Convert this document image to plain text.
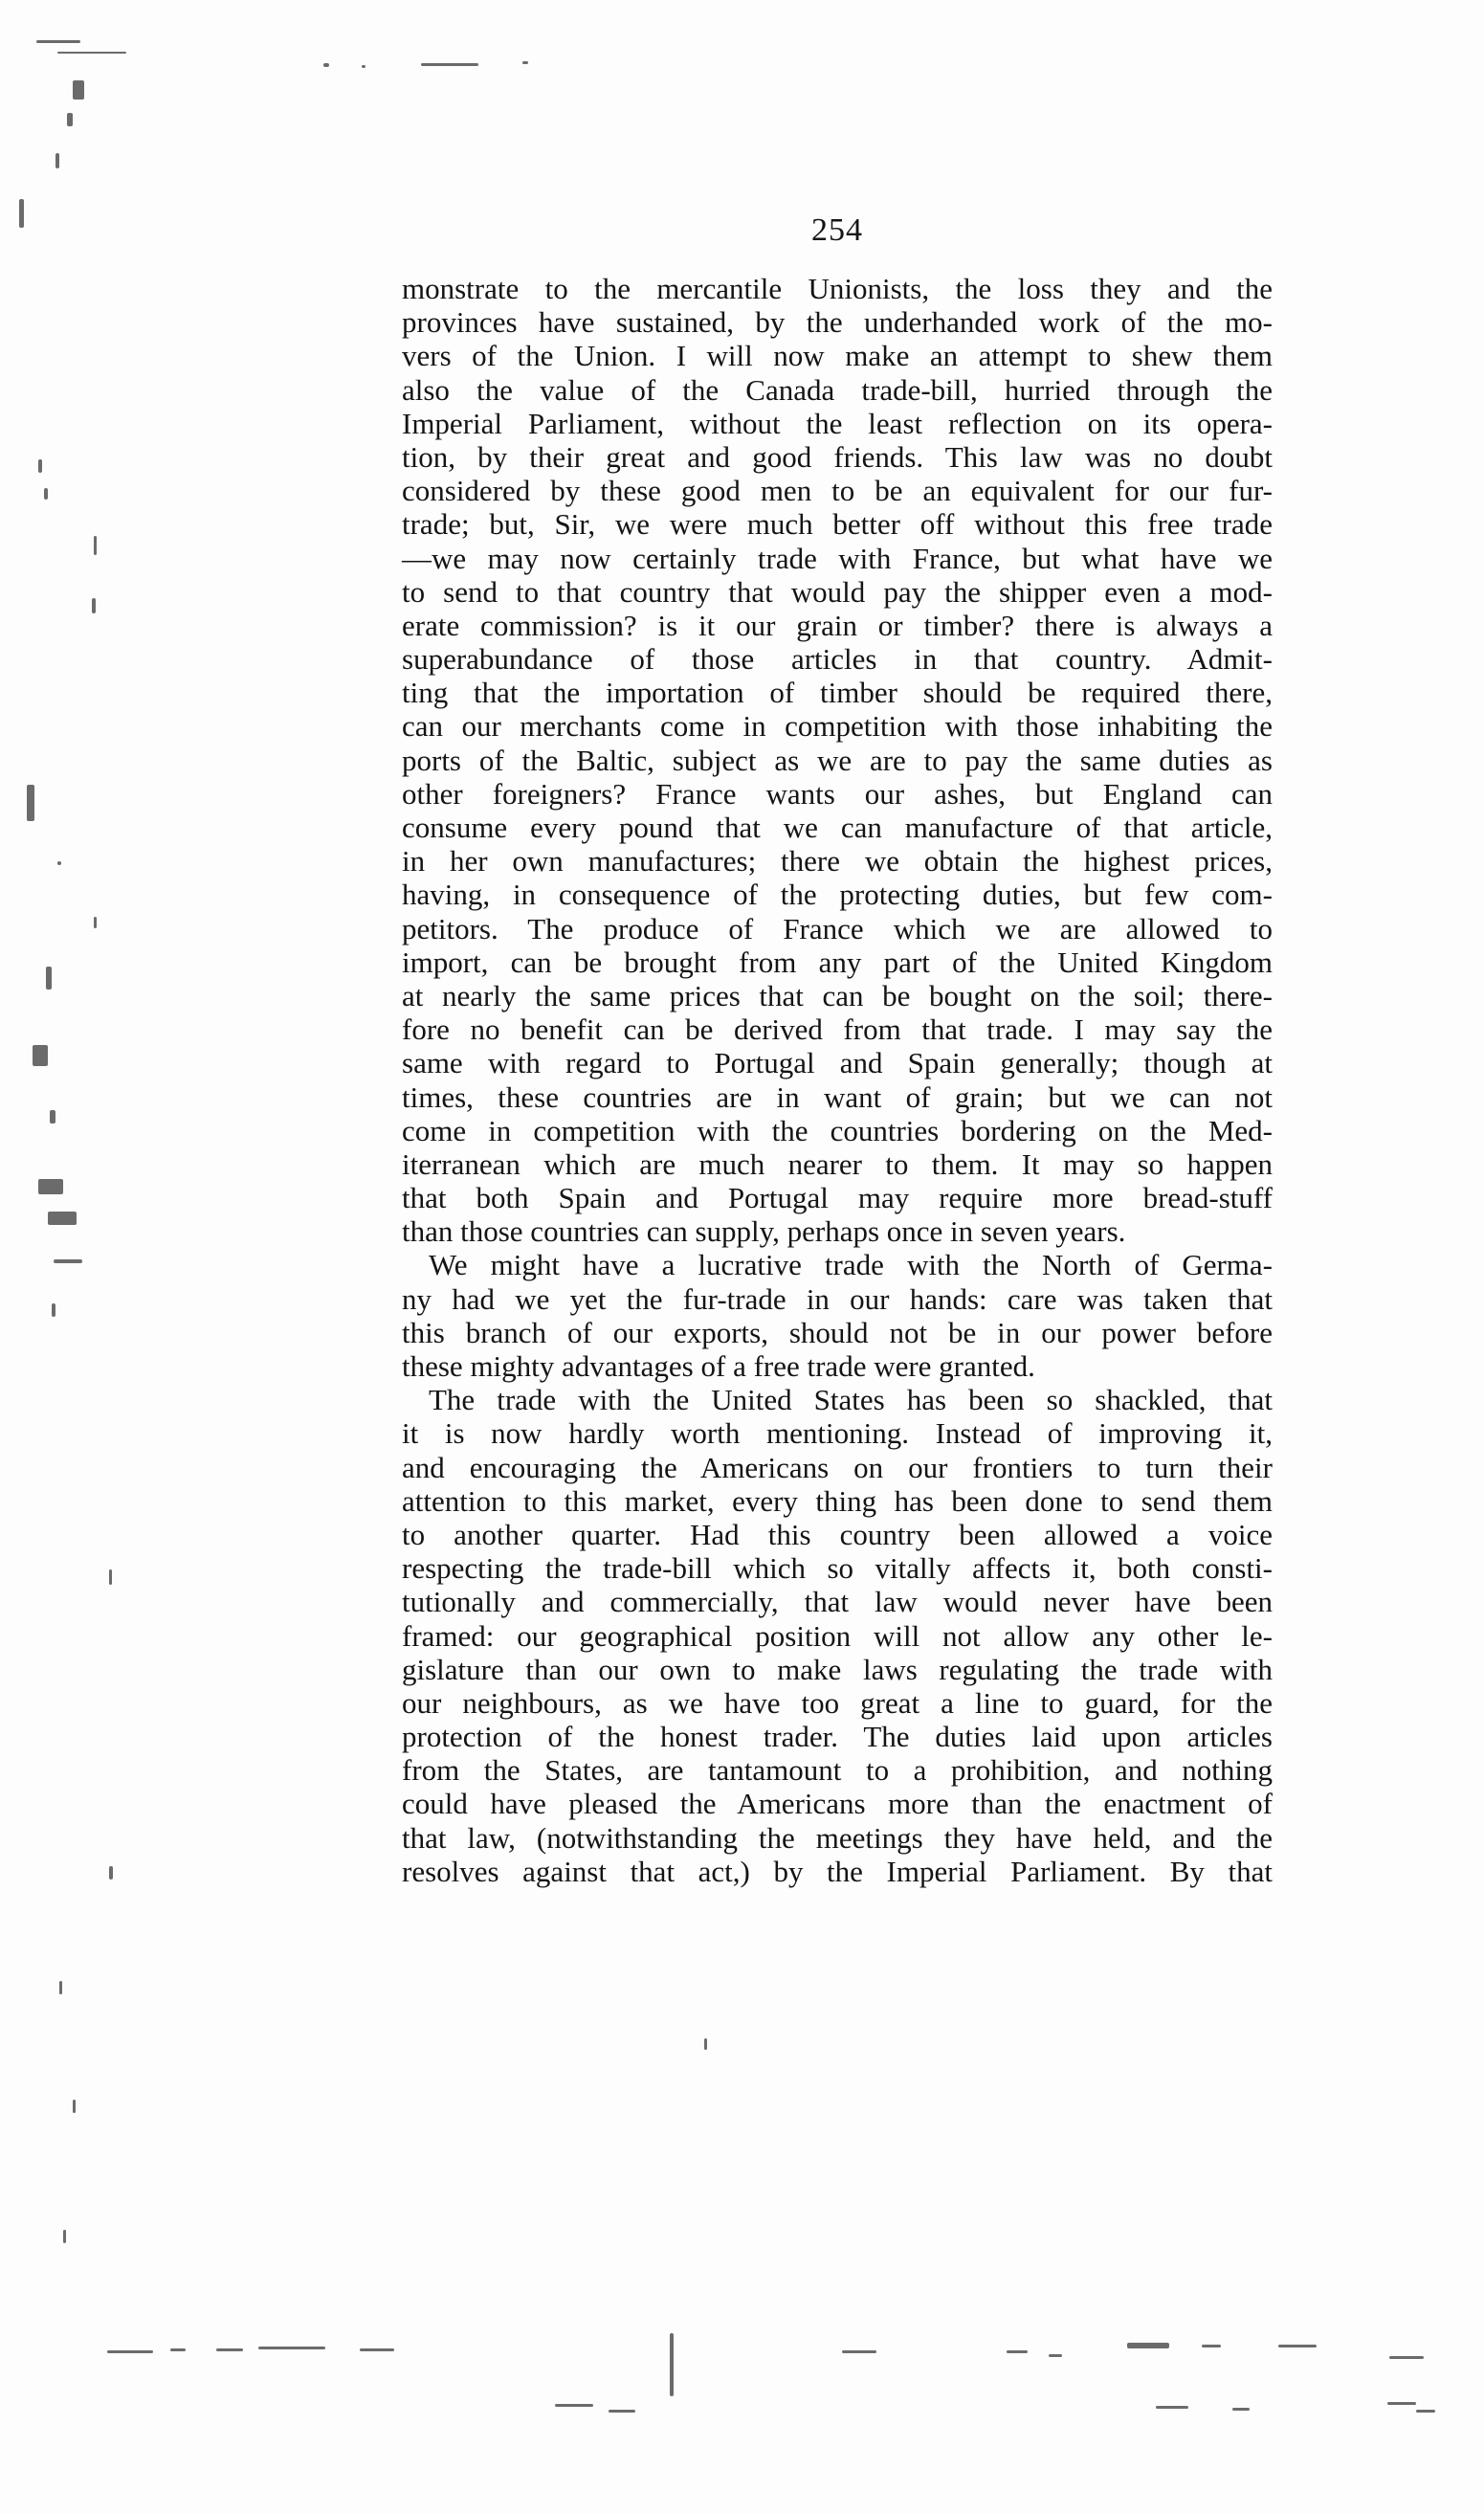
254
monstrate to the mercantile Unionists, the loss they and the
provinces have sustained, by the underhanded work of the mo-
vers of the Union. I will now make an attempt to shew them
also the value of the Canada trade-bill, hurried through the
Imperial Parliament, without the least reflection on its opera-
tion, by their great and good friends. This law was no doubt
considered by these good men to be an equivalent for our fur-
trade; but, Sir, we were much better off without this free trade
—we may now certainly trade with France, but what have we
to send to that country that would pay the shipper even a mod-
erate commission? is it our grain or timber? there is always a
superabundance of those articles in that country. Admit-
ting that the importation of timber should be required there,
can our merchants come in competition with those inhabiting the
ports of the Baltic, subject as we are to pay the same duties as
other foreigners? France wants our ashes, but England can
consume every pound that we can manufacture of that article,
in her own manufactures; there we obtain the highest prices,
having, in consequence of the protecting duties, but few com-
petitors. The produce of France which we are allowed to
import, can be brought from any part of the United Kingdom
at nearly the same prices that can be bought on the soil; there-
fore no benefit can be derived from that trade. I may say the
same with regard to Portugal and Spain generally; though at
times, these countries are in want of grain; but we can not
come in competition with the countries bordering on the Med-
iterranean which are much nearer to them. It may so happen
that both Spain and Portugal may require more bread-stuff
than those countries can supply, perhaps once in seven years.
We might have a lucrative trade with the North of Germa-
ny had we yet the fur-trade in our hands: care was taken that
this branch of our exports, should not be in our power before
these mighty advantages of a free trade were granted.
The trade with the United States has been so shackled, that
it is now hardly worth mentioning. Instead of improving it,
and encouraging the Americans on our frontiers to turn their
attention to this market, every thing has been done to send them
to another quarter. Had this country been allowed a voice
respecting the trade-bill which so vitally affects it, both consti-
tutionally and commercially, that law would never have been
framed: our geographical position will not allow any other le-
gislature than our own to make laws regulating the trade with
our neighbours, as we have too great a line to guard, for the
protection of the honest trader. The duties laid upon articles
from the States, are tantamount to a prohibition, and nothing
could have pleased the Americans more than the enactment of
that law, (notwithstanding the meetings they have held, and the
resolves against that act,) by the Imperial Parliament. By that
